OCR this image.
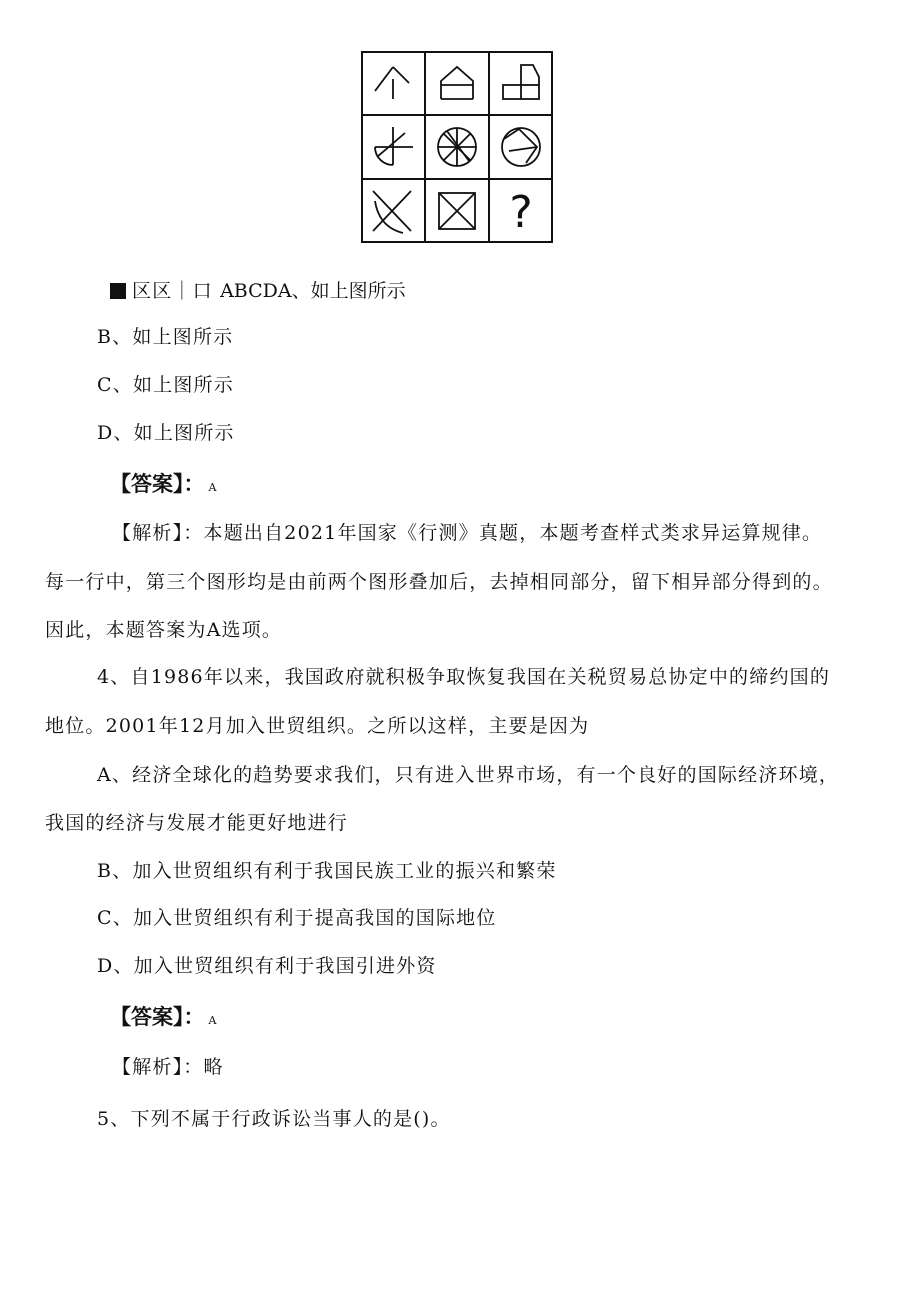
?
区区｜口 ABCDA、如上图所示
B、如上图所示
C、如上图所示
D、如上图所示
【答案】： A
【解析】：本题出自2021年国家《行测》真题，本题考查样式类求异运算规律。
每一行中，第三个图形均是由前两个图形叠加后，去掉相同部分，留下相异部分得到的。
因此，本题答案为A选项。
4、自1986年以来，我国政府就积极争取恢复我国在关税贸易总协定中的缔约国的
地位。2001年12月加入世贸组织。之所以这样，主要是因为
A、经济全球化的趋势要求我们，只有进入世界市场，有一个良好的国际经济环境，
我国的经济与发展才能更好地进行
B、加入世贸组织有利于我国民族工业的振兴和繁荣
C、加入世贸组织有利于提高我国的国际地位
D、加入世贸组织有利于我国引进外资
【答案】： A
【解析】：略
5、下列不属于行政诉讼当事人的是()。
